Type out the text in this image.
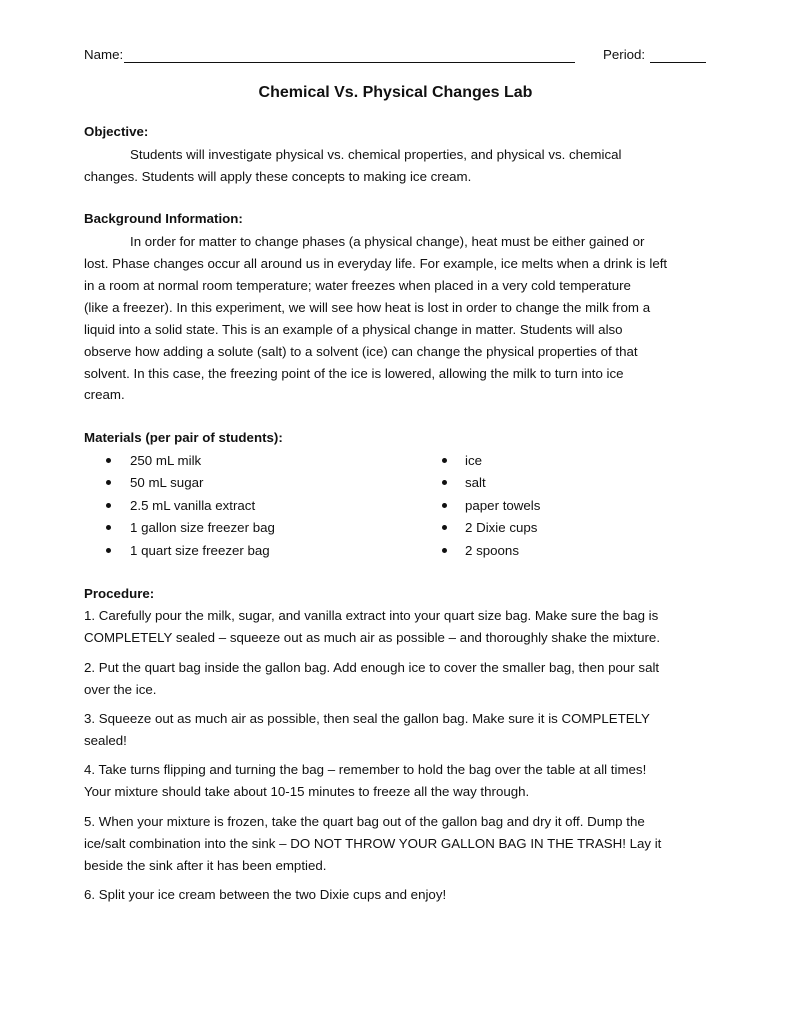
Name:	Period:
Chemical Vs. Physical Changes Lab
Objective:
Students will investigate physical vs. chemical properties, and physical vs. chemical
changes. Students will apply these concepts to making ice cream.
Background Information:
In order for matter to change phases (a physical change), heat must be either gained or
lost. Phase changes occur all around us in everyday life. For example, ice melts when a drink is left
in a room at normal room temperature; water freezes when placed in a very cold temperature
(like a freezer). In this experiment, we will see how heat is lost in order to change the milk from a
liquid into a solid state. This is an example of a physical change in matter. Students will also
observe how adding a solute (salt) to a solvent (ice) can change the physical properties of that
solvent. In this case, the freezing point of the ice is lowered, allowing the milk to turn into ice
cream.
Materials (per pair of students):
250 mL milk
50 mL sugar
2.5 mL vanilla extract
1 gallon size freezer bag
1 quart size freezer bag
ice
salt
paper towels
2 Dixie cups
2 spoons
Procedure:
1. Carefully pour the milk, sugar, and vanilla extract into your quart size bag. Make sure the bag is
COMPLETELY sealed – squeeze out as much air as possible – and thoroughly shake the mixture.
2. Put the quart bag inside the gallon bag. Add enough ice to cover the smaller bag, then pour salt
over the ice.
3. Squeeze out as much air as possible, then seal the gallon bag. Make sure it is COMPLETELY
sealed!
4. Take turns flipping and turning the bag – remember to hold the bag over the table at all times!
Your mixture should take about 10-15 minutes to freeze all the way through.
5. When your mixture is frozen, take the quart bag out of the gallon bag and dry it off. Dump the
ice/salt combination into the sink – DO NOT THROW YOUR GALLON BAG IN THE TRASH! Lay it
beside the sink after it has been emptied.
6. Split your ice cream between the two Dixie cups and enjoy!
